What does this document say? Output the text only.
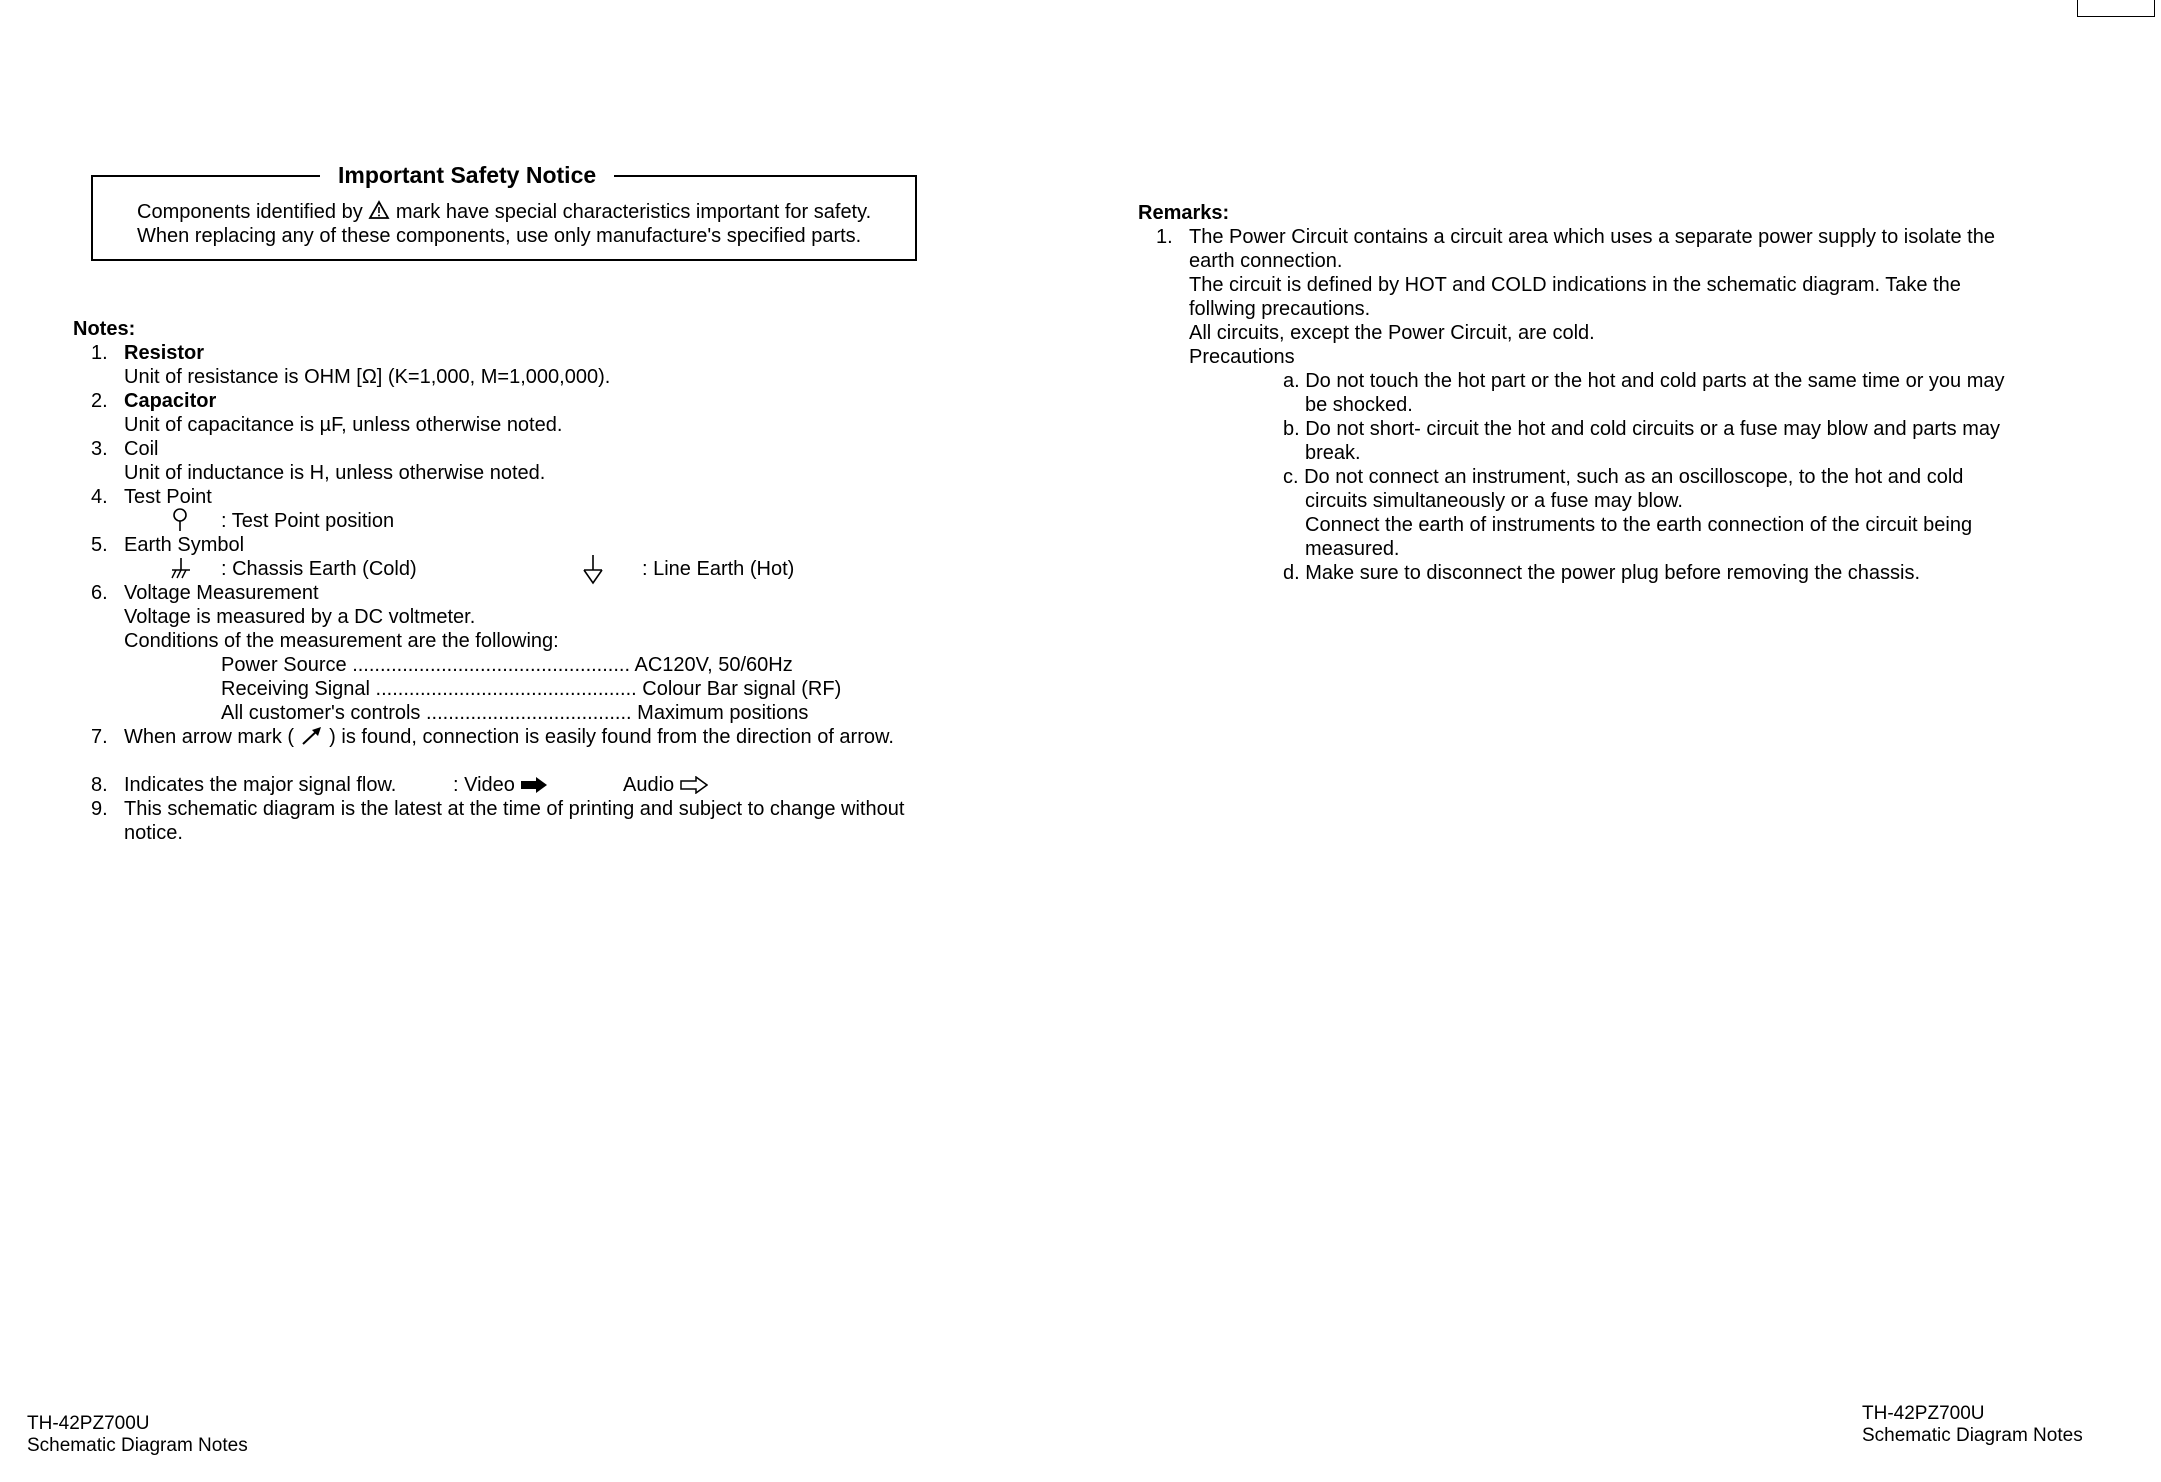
Important Safety Notice
Components identified by mark have special characteristics important for safety.
When replacing any of these components, use only manufacture's specified parts.
Notes:
1. Resistor
Unit of resistance is OHM [Ω] (K=1,000, M=1,000,000).
2. Capacitor
Unit of capacitance is µF, unless otherwise noted.
3. Coil
Unit of inductance is H, unless otherwise noted.
4. Test Point
: Test Point position
5. Earth Symbol
: Chassis Earth (Cold)	: Line Earth (Hot)
6. Voltage Measurement
Voltage is measured by a DC voltmeter.
Conditions of the measurement are the following:
Power Source .................................................. AC120V, 50/60Hz
Receiving Signal ............................................... Colour Bar signal (RF)
All customer's controls ..................................... Maximum positions
7. When arrow mark ( ) is found, connection is easily found from the direction of arrow.
8. Indicates the major signal flow.	: Video	Audio
9. This schematic diagram is the latest at the time of printing and subject to change without
notice.
Remarks:
1. The Power Circuit contains a circuit area which uses a separate power supply to isolate the
earth connection.
The circuit is defined by HOT and COLD indications in the schematic diagram. Take the
follwing precautions.
All circuits, except the Power Circuit, are cold.
Precautions
a. Do not touch the hot part or the hot and cold parts at the same time or you may
be shocked.
b. Do not short- circuit the hot and cold circuits or a fuse may blow and parts may
break.
c. Do not connect an instrument, such as an oscilloscope, to the hot and cold
circuits simultaneously or a fuse may blow.
Connect the earth of instruments to the earth connection of the circuit being
measured.
d. Make sure to disconnect the power plug before removing the chassis.
TH-42PZ700U
Schematic Diagram Notes
TH-42PZ700U
Schematic Diagram Notes
